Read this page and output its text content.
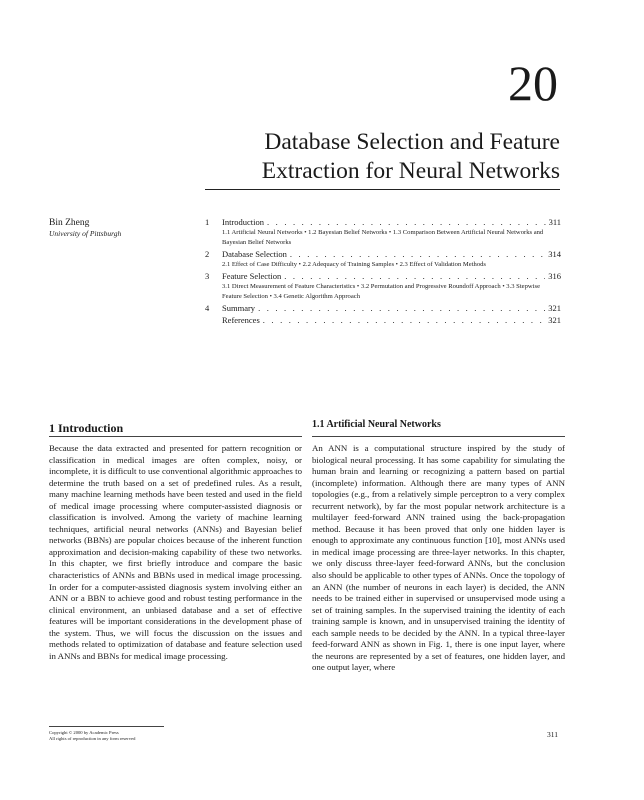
20
Database Selection and Feature
Extraction for Neural Networks
Bin Zheng
University of Pittsburgh
1	Introduction . . .	311
1.1 Artificial Neural Networks • 1.2 Bayesian Belief Networks • 1.3 Comparison Between Artificial Neural Networks and Bayesian Belief Networks
2	Database Selection . . .	314
2.1 Effect of Case Difficulty • 2.2 Adequacy of Training Samples • 2.3 Effect of Validation Methods
3	Feature Selection . . .	316
3.1 Direct Measurement of Feature Characteristics • 3.2 Permutation and Progressive Roundoff Approach • 3.3 Stepwise Feature Selection • 3.4 Genetic Algorithm Approach
4	Summary . . .	321
References . . .	321
1 Introduction
Because the data extracted and presented for pattern recognition or classification in medical images are often complex, noisy, or incomplete, it is difficult to use conventional algorithmic approaches to determine the truth based on a set of predefined rules. As a result, many machine learning methods have been tested and used in the field of medical image processing where computer-assisted diagnosis or classification is involved. Among the variety of machine learning techniques, artificial neural networks (ANNs) and Bayesian belief networks (BBNs) are popular choices because of the inherent function approximation and decision-making capability of these two networks. In this chapter, we first briefly introduce and compare the basic characteristics of ANNs and BBNs used in medical image processing. In order for a computer-assisted diagnosis system involving either an ANN or a BBN to achieve good and robust testing performance in the clinical environment, an unbiased database and a set of effective features will be important considerations in the development phase of the system. Thus, we will focus the discussion on the issues and methods related to optimization of database and feature selection used in ANNs and BBNs for medical image processing.
1.1 Artificial Neural Networks
An ANN is a computational structure inspired by the study of biological neural processing. It has some capability for simulating the human brain and learning or recognizing a pattern based on partial (incomplete) information. Although there are many types of ANN topologies (e.g., from a relatively simple perceptron to a very complex recurrent network), by far the most popular network architecture is a multilayer feed-forward ANN trained using the back-propagation method. Because it has been proved that only one hidden layer is enough to approximate any continuous function [10], most ANNs used in medical image processing are three-layer networks. In this chapter, we only discuss three-layer feed-forward ANNs, but the conclusion also should be applicable to other types of ANNs. Once the topology of an ANN (the number of neurons in each layer) is decided, the ANN needs to be trained either in supervised or unsupervised mode using a set of training samples. In the supervised training the identity of each training sample is known, and in unsupervised training the identity of each sample needs to be decided by the ANN. In a typical three-layer feed-forward ANN as shown in Fig. 1, there is one input layer, where the neurons are represented by a set of features, one hidden layer, and one output layer, where
Copyright © 2000 by Academic Press
All rights of reproduction in any form reserved	311
